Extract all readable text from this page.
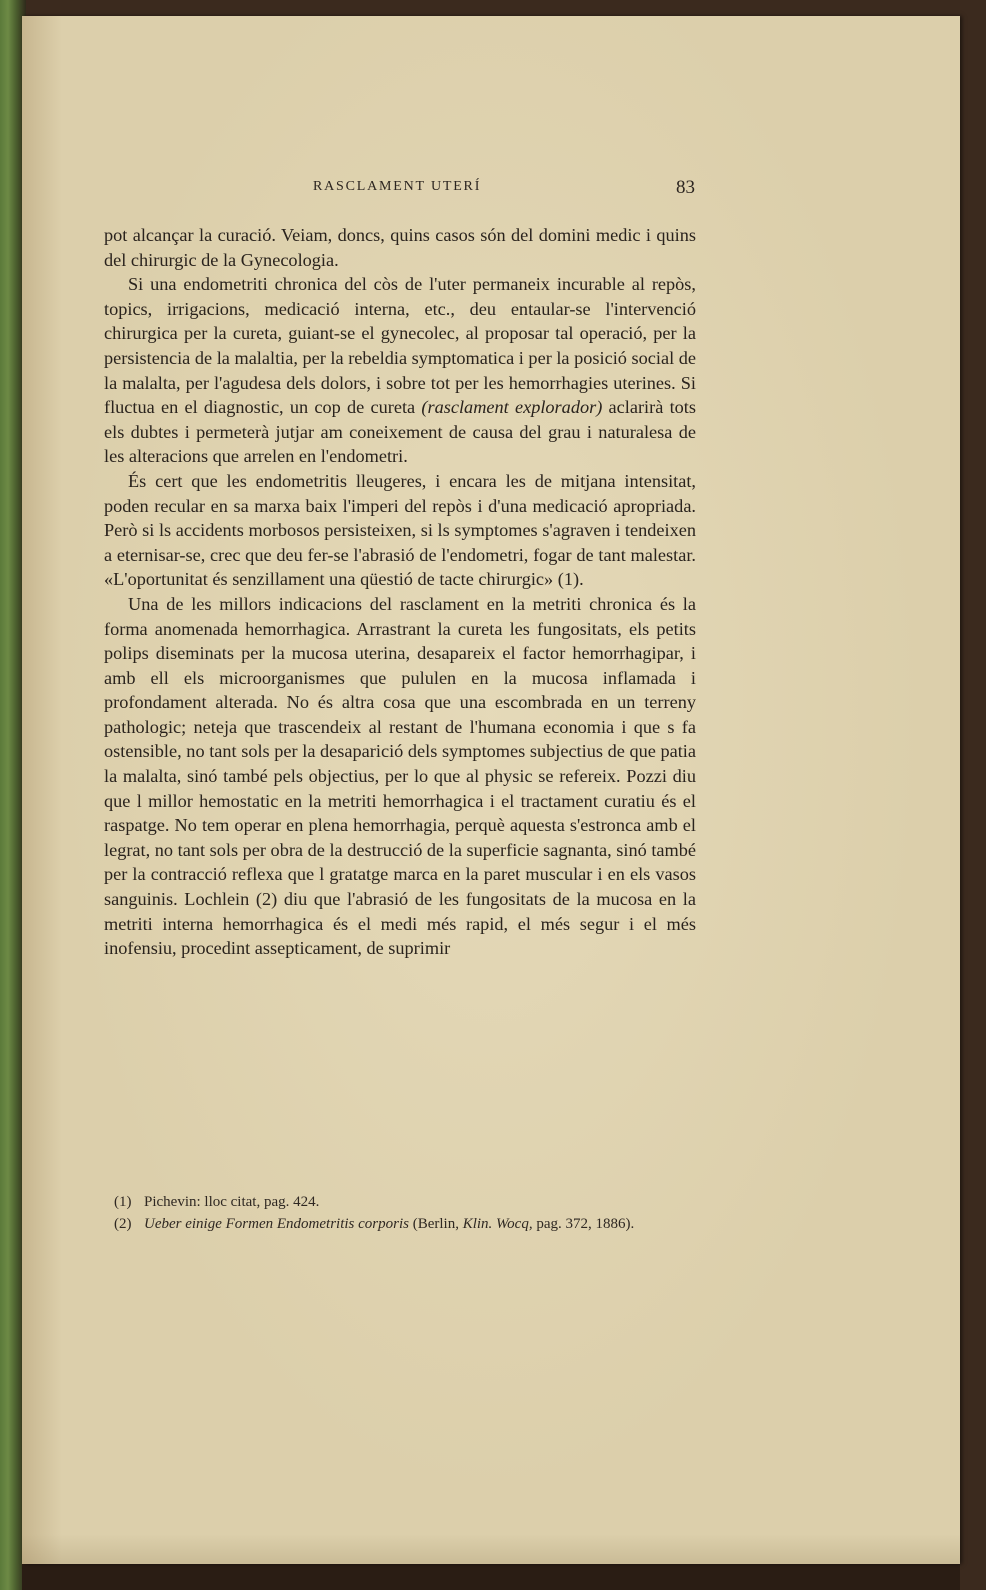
RASCLAMENT UTERÍ	83

pot alcançar la curació. Veiam, doncs, quins casos són del domini medic i quins del chirurgic de la Gynecologia.

Si una endometriti chronica del còs de l'uter permaneix incurable al repòs, topics, irrigacions, medicació interna, etc., deu entaular-se l'intervenció chirurgica per la cureta, guiant-se el gynecolec, al proposar tal operació, per la persistencia de la malaltia, per la rebeldia symptomatica i per la posició social de la malalta, per l'agudesa dels dolors, i sobre tot per les hemorrhagies uterines. Si fluctua en el diagnostic, un cop de cureta (rasclament explorador) aclarirà tots els dubtes i permeterà jutjar am coneixement de causa del grau i naturalesa de les alteracions que arrelen en l'endometri.

És cert que les endometritis lleugeres, i encara les de mitjana intensitat, poden recular en sa marxa baix l'imperi del repòs i d'una medicació apropriada. Però si ls accidents morbosos persisteixen, si ls symptomes s'agraven i tendeixen a eternisar-se, crec que deu fer-se l'abrasió de l'endometri, fogar de tant malestar. «L'oportunitat és senzillament una qüestió de tacte chirurgic» (1).

Una de les millors indicacions del rasclament en la metriti chronica és la forma anomenada hemorrhagica. Arrastrant la cureta les fungositats, els petits polips diseminats per la mucosa uterina, desapareix el factor hemorrhagipar, i amb ell els microorganismes que pululen en la mucosa inflamada i profondament alterada. No és altra cosa que una escombrada en un terreny pathologic; neteja que trascendeix al restant de l'humana economia i que s fa ostensible, no tant sols per la desaparició dels symptomes subjectius de que patia la malalta, sinó també pels objectius, per lo que al physic se refereix. Pozzi diu que l millor hemostatic en la metriti hemorrhagica i el tractament curatiu és el raspatge. No tem operar en plena hemorrhagia, perquè aquesta s'estronca amb el legrat, no tant sols per obra de la destrucció de la superficie sagnanta, sinó també per la contracció reflexa que l gratatge marca en la paret muscular i en els vasos sanguinis. Lochlein (2) diu que l'abrasió de les fungositats de la mucosa en la metriti interna hemorrhagica és el medi més rapid, el més segur i el més inofensiu, procedint assepticament, de suprimir

(1) Pichevin: lloc citat, pag. 424.

(2) Ueber einige Formen Endometritis corporis (Berlin, Klin. Wocq, pag. 372, 1886).
